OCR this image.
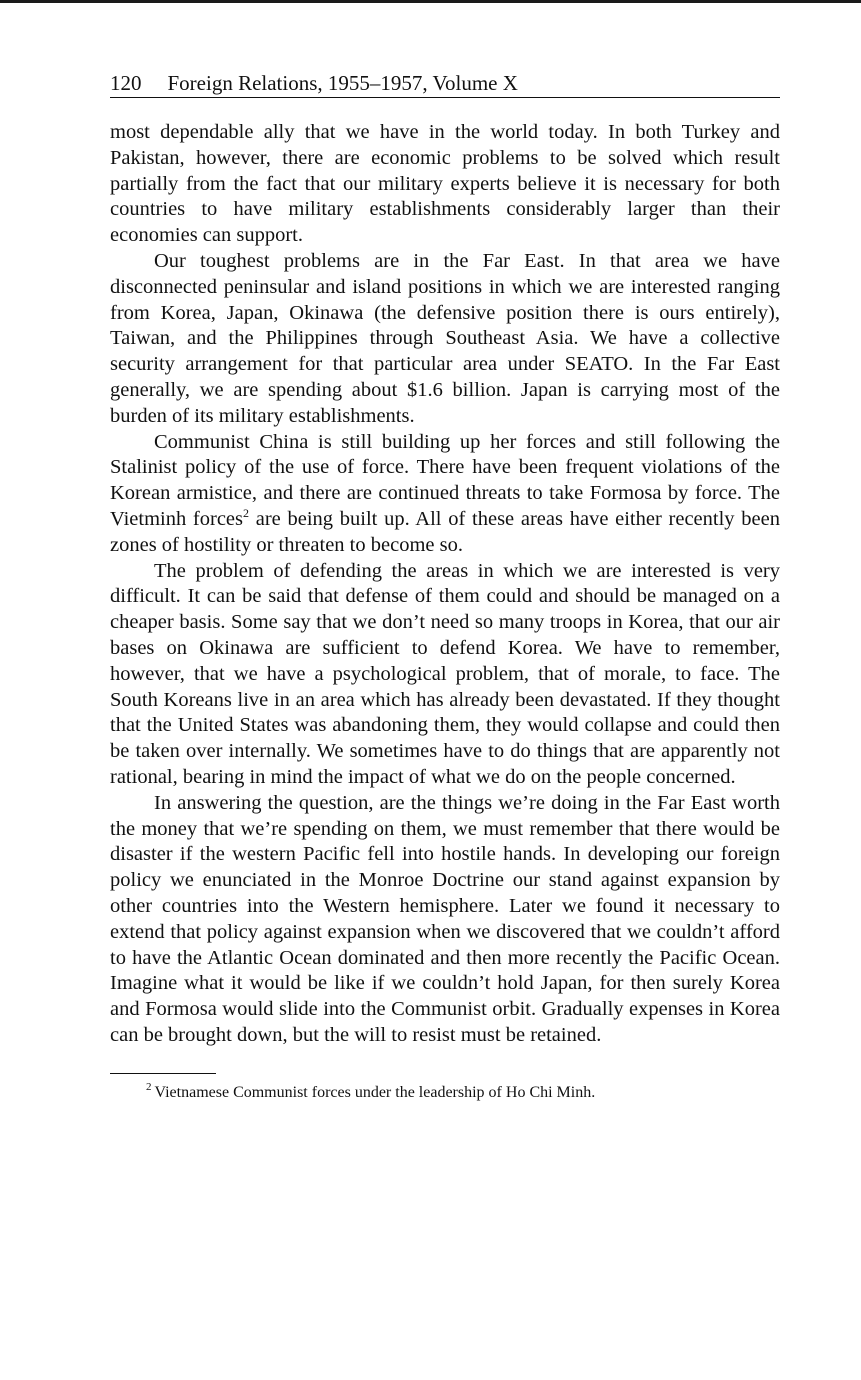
120 Foreign Relations, 1955–1957, Volume X

most dependable ally that we have in the world today. In both Turkey and Pakistan, however, there are economic problems to be solved which result partially from the fact that our military experts believe it is necessary for both countries to have military establishments considerably larger than their economies can support.

Our toughest problems are in the Far East. In that area we have disconnected peninsular and island positions in which we are interested ranging from Korea, Japan, Okinawa (the defensive position there is ours entirely), Taiwan, and the Philippines through Southeast Asia. We have a collective security arrangement for that particular area under SEATO. In the Far East generally, we are spending about $1.6 billion. Japan is carrying most of the burden of its military establishments.

Communist China is still building up her forces and still following the Stalinist policy of the use of force. There have been frequent violations of the Korean armistice, and there are continued threats to take Formosa by force. The Vietminh forces$^2$ are being built up. All of these areas have either recently been zones of hostility or threaten to become so.

The problem of defending the areas in which we are interested is very difficult. It can be said that defense of them could and should be managed on a cheaper basis. Some say that we don’t need so many troops in Korea, that our air bases on Okinawa are sufficient to defend Korea. We have to remember, however, that we have a psychological problem, that of morale, to face. The South Koreans live in an area which has already been devastated. If they thought that the United States was abandoning them, they would collapse and could then be taken over internally. We sometimes have to do things that are apparently not rational, bearing in mind the impact of what we do on the people concerned.

In answering the question, are the things we’re doing in the Far East worth the money that we’re spending on them, we must remember that there would be disaster if the western Pacific fell into hostile hands. In developing our foreign policy we enunciated in the Monroe Doctrine our stand against expansion by other countries into the Western hemisphere. Later we found it necessary to extend that policy against expansion when we discovered that we couldn’t afford to have the Atlantic Ocean dominated and then more recently the Pacific Ocean. Imagine what it would be like if we couldn’t hold Japan, for then surely Korea and Formosa would slide into the Communist orbit. Gradually expenses in Korea can be brought down, but the will to resist must be retained.

$^2$ Vietnamese Communist forces under the leadership of Ho Chi Minh.
